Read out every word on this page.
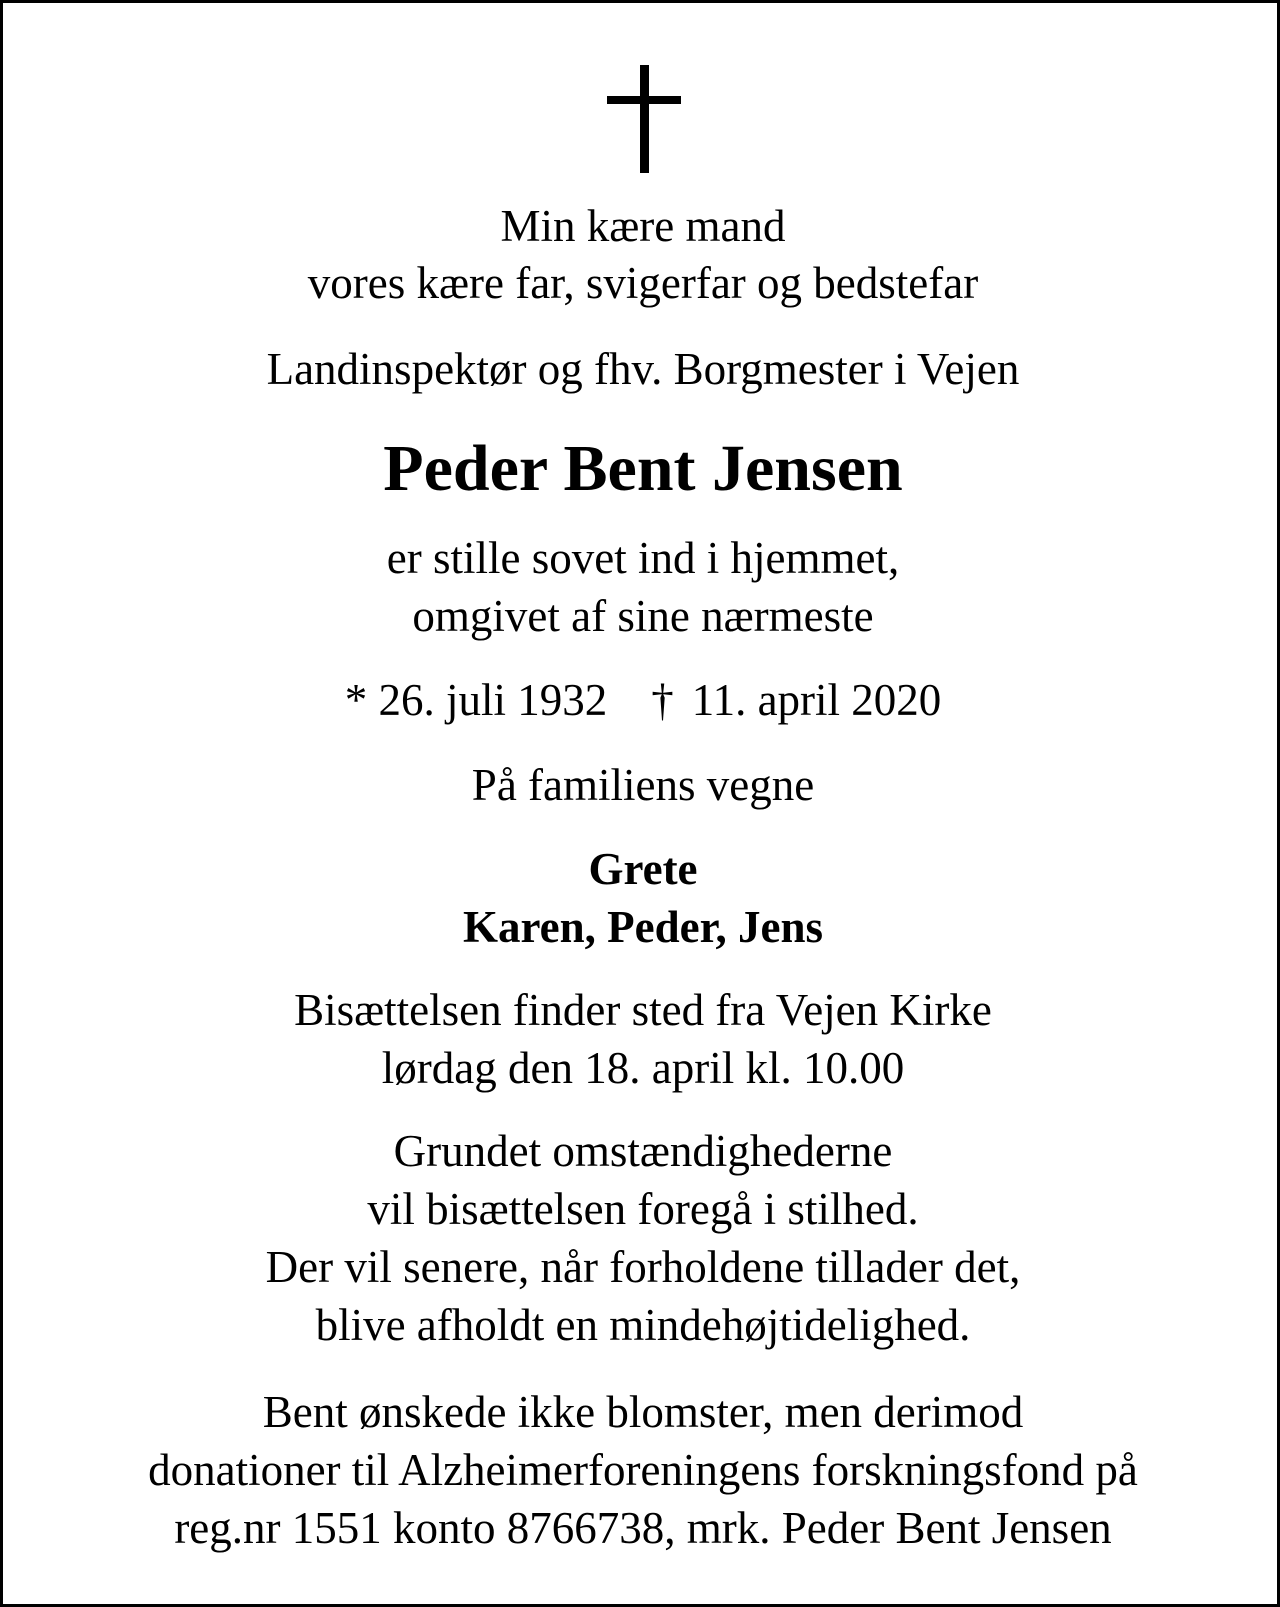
Min kære mand
vores kære far, svigerfar og bedstefar
Landinspektør og fhv. Borgmester i Vejen
Peder Bent Jensen
er stille sovet ind i hjemmet,
omgivet af sine nærmeste
* 26. juli 1932 † 11. april 2020
På familiens vegne
Grete
Karen, Peder, Jens
Bisættelsen finder sted fra Vejen Kirke
lørdag den 18. april kl. 10.00
Grundet omstændighederne
vil bisættelsen foregå i stilhed.
Der vil senere, når forholdene tillader det,
blive afholdt en mindehøjtidelighed.
Bent ønskede ikke blomster, men derimod
donationer til Alzheimerforeningens forskningsfond på
reg.nr 1551 konto 8766738, mrk. Peder Bent Jensen
